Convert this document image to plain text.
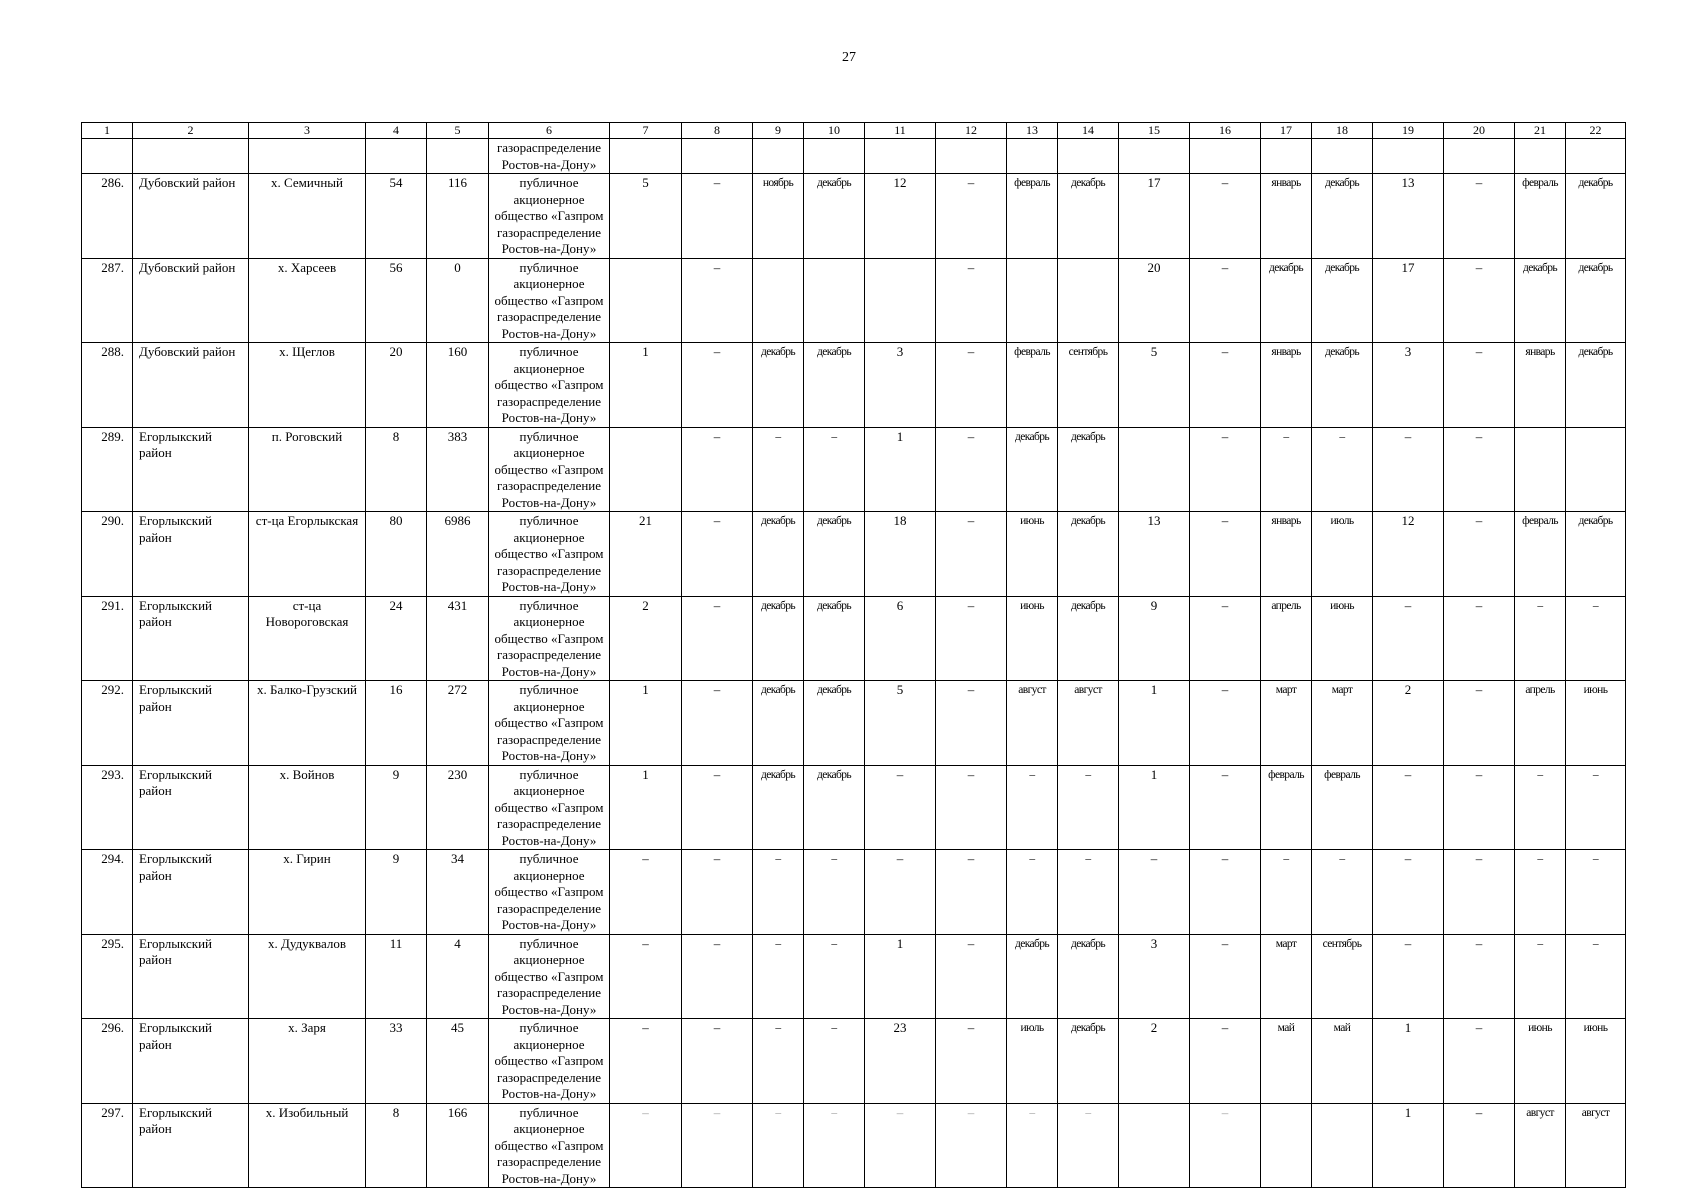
27
1	2	3	4	5	6	7	8	9	10	11	12	13	14	15	16	17	18	19	20	21	22
					газораспределение Ростов-на-Дону»																
286.	Дубовский район	х. Семичный	54	116	публичное акционерное общество «Газпром газораспределение Ростов-на-Дону»	5	–	ноябрь	декабрь	12	–	февраль	декабрь	17	–	январь	декабрь	13	–	февраль	декабрь
287.	Дубовский район	х. Харсеев	56	0	публичное акционерное общество «Газпром газораспределение Ростов-на-Дону»		–				–			20	–	декабрь	декабрь	17	–	декабрь	декабрь
288.	Дубовский район	х. Щеглов	20	160	публичное акционерное общество «Газпром газораспределение Ростов-на-Дону»	1	–	декабрь	декабрь	3	–	февраль	сентябрь	5	–	январь	декабрь	3	–	январь	декабрь
289.	Егорлыкский район	п. Роговский	8	383	публичное акционерное общество «Газпром газораспределение Ростов-на-Дону»		–	–	–	1	–	декабрь	декабрь		–	–	–	–	–		
290.	Егорлыкский район	ст-ца Егорлыкская	80	6986	публичное акционерное общество «Газпром газораспределение Ростов-на-Дону»	21	–	декабрь	декабрь	18	–	июнь	декабрь	13	–	январь	июль	12	–	февраль	декабрь
291.	Егорлыкский район	ст-ца Новороговская	24	431	публичное акционерное общество «Газпром газораспределение Ростов-на-Дону»	2	–	декабрь	декабрь	6	–	июнь	декабрь	9	–	апрель	июнь	–	–	–	–
292.	Егорлыкский район	х. Балко-Грузский	16	272	публичное акционерное общество «Газпром газораспределение Ростов-на-Дону»	1	–	декабрь	декабрь	5	–	август	август	1	–	март	март	2	–	апрель	июнь
293.	Егорлыкский район	х. Войнов	9	230	публичное акционерное общество «Газпром газораспределение Ростов-на-Дону»	1	–	декабрь	декабрь	–	–	–	–	1	–	февраль	февраль	–	–	–	–
294.	Егорлыкский район	х. Гирин	9	34	публичное акционерное общество «Газпром газораспределение Ростов-на-Дону»	–	–	–	–	–	–	–	–	–	–	–	–	–	–	–	–
295.	Егорлыкский район	х. Дудуквалов	11	4	публичное акционерное общество «Газпром газораспределение Ростов-на-Дону»	–	–	–	–	1	–	декабрь	декабрь	3	–	март	сентябрь	–	–	–	–
296.	Егорлыкский район	х. Заря	33	45	публичное акционерное общество «Газпром газораспределение Ростов-на-Дону»	–	–	–	–	23	–	июль	декабрь	2	–	май	май	1	–	июнь	июнь
297.	Егорлыкский район	х. Изобильный	8	166	публичное акционерное общество «Газпром газораспределение Ростов-на-Дону»	–	–	–	–	–	–	–	–		–			1	–	август	август
